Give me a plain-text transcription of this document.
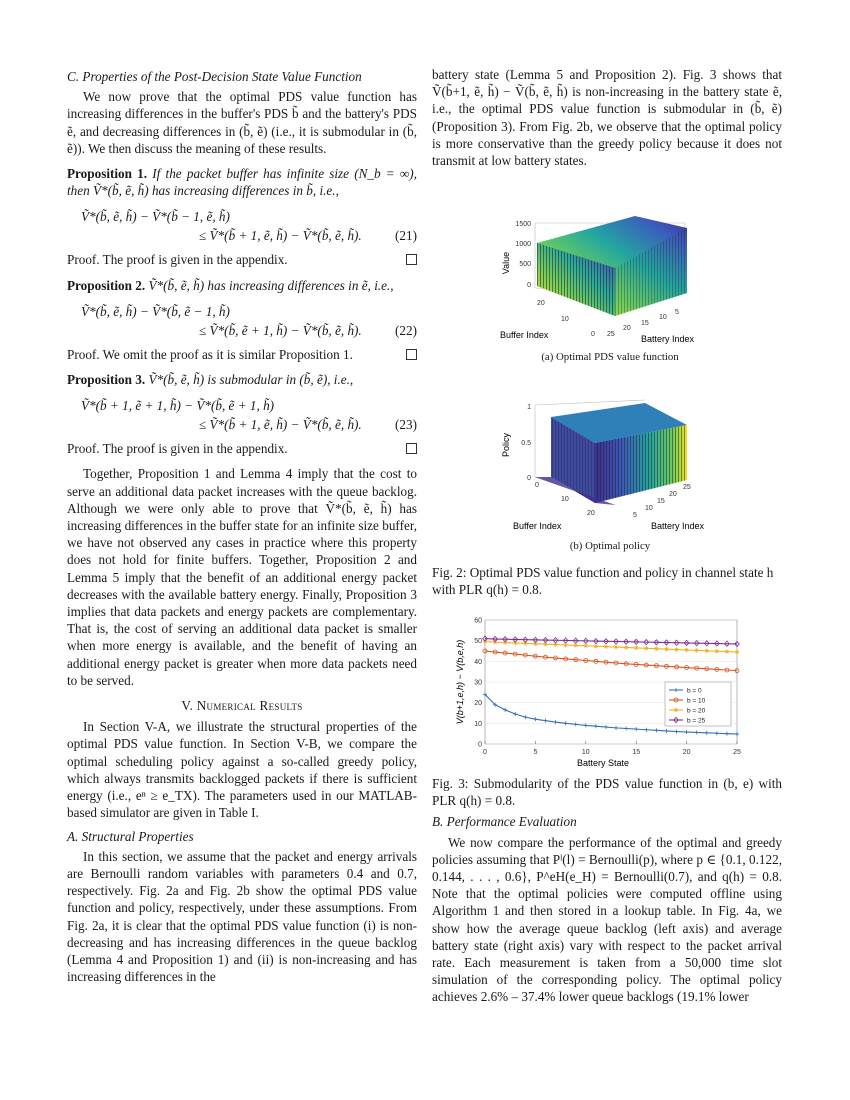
C. Properties of the Post-Decision State Value Function

We now prove that the optimal PDS value function has increasing differences in the buffer's PDS b̃ and the battery's PDS ẽ, and decreasing differences in (b̃, ẽ) (i.e., it is submodular in (b̃, ẽ)). We then discuss the meaning of these results.

Proposition 1. If the packet buffer has infinite size (N_b = ∞), then Ṽ*(b̃, ẽ, h̃) has increasing differences in b̃, i.e.,

Ṽ*(b̃, ẽ, h̃) − Ṽ*(b̃ − 1, ẽ, h̃)
≤ Ṽ*(b̃ + 1, ẽ, h̃) − Ṽ*(b̃, ẽ, h̃).	(21)

Proof. The proof is given in the appendix.

Proposition 2. Ṽ*(b̃, ẽ, h̃) has increasing differences in ẽ, i.e.,

Ṽ*(b̃, ẽ, h̃) − Ṽ*(b̃, ẽ − 1, h̃)
≤ Ṽ*(b̃, ẽ + 1, h̃) − Ṽ*(b̃, ẽ, h̃).	(22)

Proof. We omit the proof as it is similar Proposition 1.

Proposition 3. Ṽ*(b̃, ẽ, h̃) is submodular in (b̃, ẽ), i.e.,

Ṽ*(b̃ + 1, ẽ + 1, h̃) − Ṽ*(b̃, ẽ + 1, h̃)
≤ Ṽ*(b̃ + 1, ẽ, h̃) − Ṽ*(b̃, ẽ, h̃).	(23)

Proof. The proof is given in the appendix.

Together, Proposition 1 and Lemma 4 imply that the cost to serve an additional data packet increases with the queue backlog. Although we were only able to prove that Ṽ*(b̃, ẽ, h̃) has increasing differences in the buffer state for an infinite size buffer, we have not observed any cases in practice where this property does not hold for finite buffers. Together, Proposition 2 and Lemma 5 imply that the benefit of an additional energy packet decreases with the available battery energy. Finally, Proposition 3 implies that data packets and energy packets are complementary. That is, the cost of serving an additional data packet is smaller when more energy is available, and the benefit of having an additional energy packet is greater when more data packets need to be served.

V. Numerical Results

In Section V-A, we illustrate the structural properties of the optimal PDS value function. In Section V-B, we compare the optimal scheduling policy against a so-called greedy policy, which always transmits backlogged packets if there is sufficient energy (i.e., eⁿ ≥ e_TX). The parameters used in our MATLAB-based simulator are given in Table I.

A. Structural Properties

In this section, we assume that the packet and energy arrivals are Bernoulli random variables with parameters 0.4 and 0.7, respectively. Fig. 2a and Fig. 2b show the optimal PDS value function and policy, respectively, under these assumptions. From Fig. 2a, it is clear that the optimal PDS value function (i) is non-decreasing and has increasing differences in the queue backlog (Lemma 4 and Proposition 1) and (ii) is non-increasing and has increasing differences in the

battery state (Lemma 5 and Proposition 2). Fig. 3 shows that Ṽ(b̃+1, ẽ, h̃) − Ṽ(b̃, ẽ, h̃) is non-increasing in the battery state ẽ, i.e., the optimal PDS value function is submodular in (b̃, ẽ) (Proposition 3). From Fig. 2b, we observe that the optimal policy is more conservative than the greedy policy because it does not transmit at low battery states.

1500
1000
500
0
Value
20
10
0 25
20
15
10
5
Buffer Index	Battery Index
(a) Optimal PDS value function
1
0.5
0
Policy
0
10
20	5
10
15
20
25
Buffer Index	Battery Index
(b) Optimal policy
Fig. 2: Optimal PDS value function and policy in channel state h with PLR q(h) = 0.8.
0
10
20
30
40
50
60
0	5	10	15	20	25
Battery State
V(b+1,e,h) − V(b,e,h)	b = 0
b = 10
b = 20
b = 25

Fig. 3: Submodularity of the PDS value function in (b, e) with PLR q(h) = 0.8.

B. Performance Evaluation

We now compare the performance of the optimal and greedy policies assuming that Pˡ(l) = Bernoulli(p), where p ∈ {0.1, 0.122, 0.144, . . . , 0.6}, P^eH(e_H) = Bernoulli(0.7), and q(h) = 0.8. Note that the optimal policies were computed offline using Algorithm 1 and then stored in a lookup table. In Fig. 4a, we show how the average queue backlog (left axis) and average battery state (right axis) vary with respect to the packet arrival rate. Each measurement is taken from a 50,000 time slot simulation of the corresponding policy. The optimal policy achieves 2.6% – 37.4% lower queue backlogs (19.1% lower
